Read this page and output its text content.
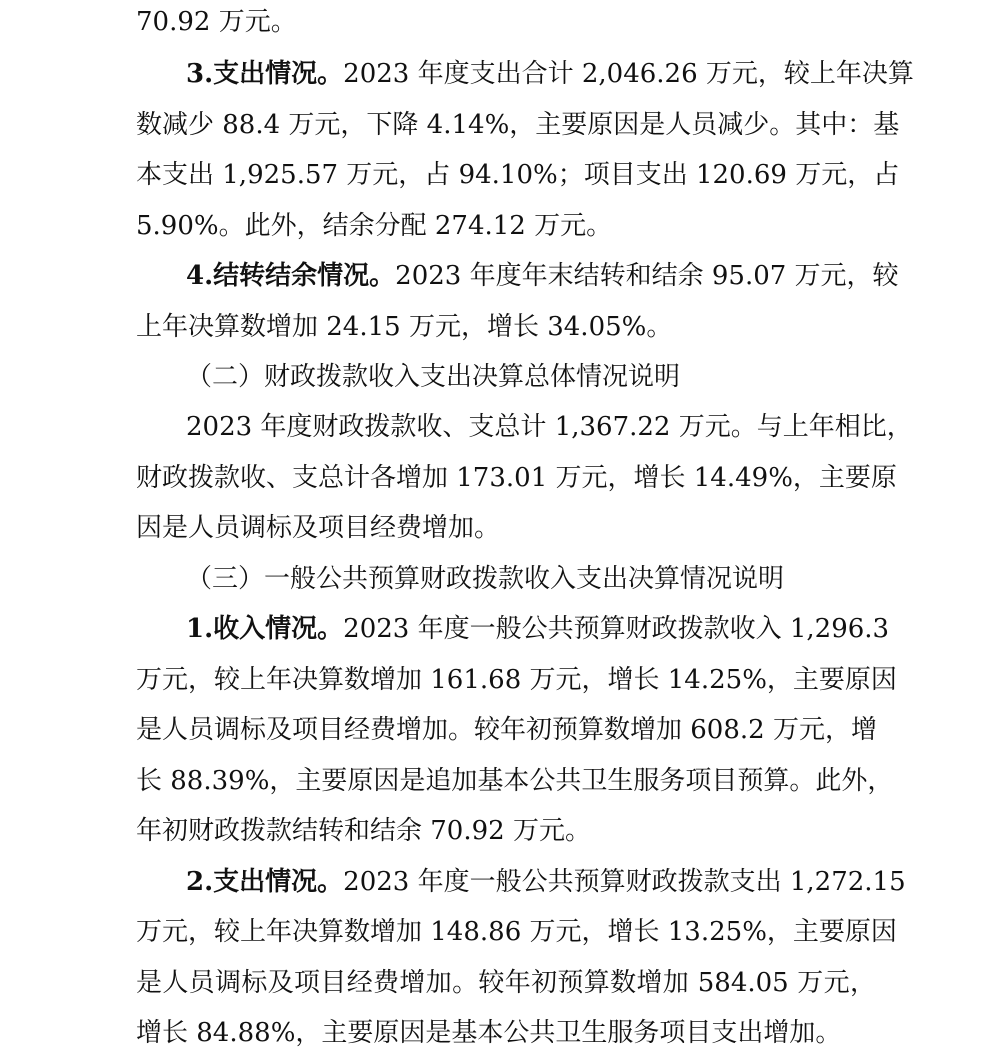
70.92 万元。
3.支出情况。2023 年度支出合计 2,046.26 万元，较上年决算
数减少 88.4 万元，下降 4.14%，主要原因是人员减少。其中：基
本支出 1,925.57 万元，占 94.10%；项目支出 120.69 万元，占
5.90%。此外，结余分配 274.12 万元。
4.结转结余情况。2023 年度年末结转和结余 95.07 万元，较
上年决算数增加 24.15 万元，增长 34.05%。
（二）财政拨款收入支出决算总体情况说明
2023 年度财政拨款收、支总计 1,367.22 万元。与上年相比，
财政拨款收、支总计各增加 173.01 万元，增长 14.49%，主要原
因是人员调标及项目经费增加。
（三）一般公共预算财政拨款收入支出决算情况说明
1.收入情况。2023 年度一般公共预算财政拨款收入 1,296.3
万元，较上年决算数增加 161.68 万元，增长 14.25%，主要原因
是人员调标及项目经费增加。较年初预算数增加 608.2 万元，增
长 88.39%，主要原因是追加基本公共卫生服务项目预算。此外，
年初财政拨款结转和结余 70.92 万元。
2.支出情况。2023 年度一般公共预算财政拨款支出 1,272.15
万元，较上年决算数增加 148.86 万元，增长 13.25%，主要原因
是人员调标及项目经费增加。较年初预算数增加 584.05 万元，
增长 84.88%，主要原因是基本公共卫生服务项目支出增加。
